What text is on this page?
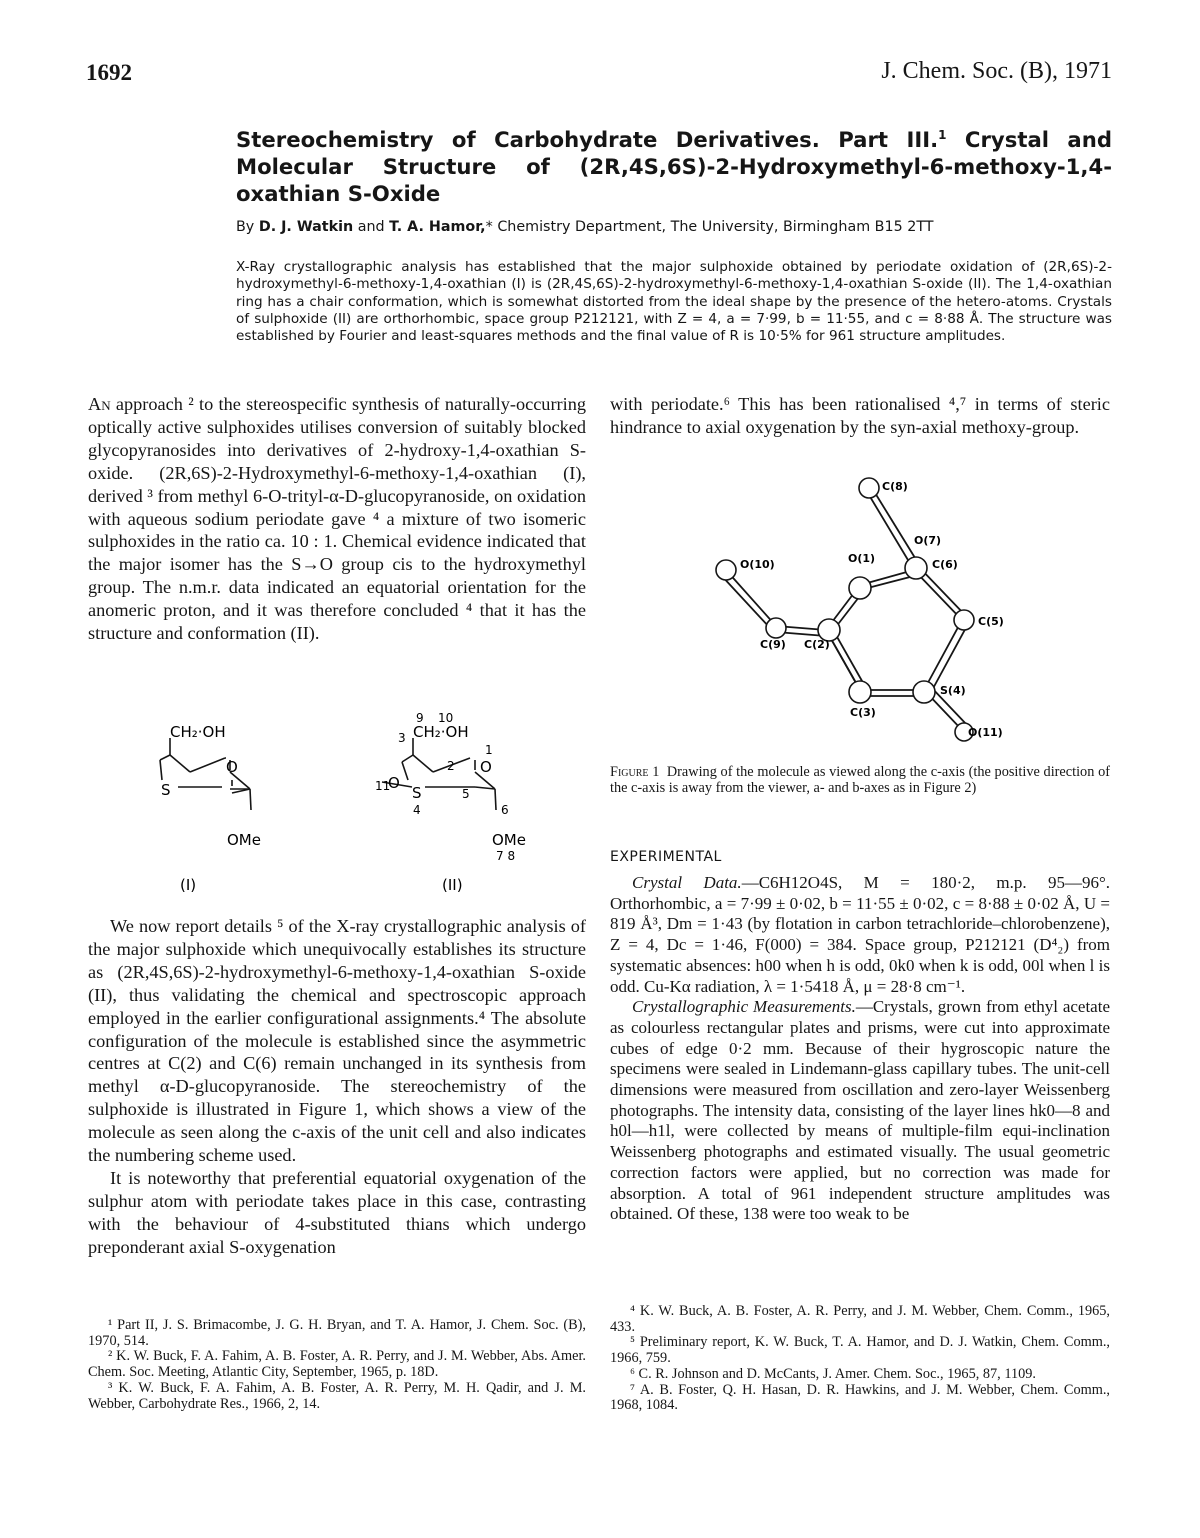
1692	J. Chem. Soc. (B), 1971
Stereochemistry of Carbohydrate Derivatives. Part III.$^1$ Crystal and Molecular Structure of (2R,4S,6S)-2-Hydroxymethyl-6-methoxy-1,4-oxathian S-Oxide
By D. J. Watkin and T. A. Hamor,* Chemistry Department, The University, Birmingham B15 2TT

X-Ray crystallographic analysis has established that the major sulphoxide obtained by periodate oxidation of (2R,6S)-2-hydroxymethyl-6-methoxy-1,4-oxathian (I) is (2R,4S,6S)-2-hydroxymethyl-6-methoxy-1,4-oxathian S-oxide (II). The 1,4-oxathian ring has a chair conformation, which is somewhat distorted from the ideal shape by the presence of the hetero-atoms. Crystals of sulphoxide (II) are orthorhombic, space group P212121, with Z = 4, a = 7·99, b = 11·55, and c = 8·88 Å. The structure was established by Fourier and least-squares methods and the final value of R is 10·5% for 961 structure amplitudes.

An approach ² to the stereospecific synthesis of naturally-occurring optically active sulphoxides utilises conversion of suitably blocked glycopyranosides into derivatives of 2-hydroxy-1,4-oxathian S-oxide. (2R,6S)-2-Hydroxymethyl-6-methoxy-1,4-oxathian (I), derived ³ from methyl 6-O-trityl-α-D-glucopyranoside, on oxidation with aqueous sodium periodate gave ⁴ a mixture of two isomeric sulphoxides in the ratio ca. 10 : 1. Chemical evidence indicated that the major isomer has the S→O group cis to the hydroxymethyl group. The n.m.r. data indicated an equatorial orientation for the anomeric proton, and it was therefore concluded ⁴ that it has the structure and conformation (II).

CH₂·OH
O
S
OMe
(I)
9 10
3 CH₂·OH
1
2 O
11
O
S	5
4	6
OMe
7 8
(II)

We now report details ⁵ of the X-ray crystallographic analysis of the major sulphoxide which unequivocally establishes its structure as (2R,4S,6S)-2-hydroxymethyl-6-methoxy-1,4-oxathian S-oxide (II), thus validating the chemical and spectroscopic approach employed in the earlier configurational assignments.⁴ The absolute configuration of the molecule is established since the asymmetric centres at C(2) and C(6) remain unchanged in its synthesis from methyl α-D-glucopyranoside. The stereochemistry of the sulphoxide is illustrated in Figure 1, which shows a view of the molecule as seen along the c-axis of the unit cell and also indicates the numbering scheme used.

It is noteworthy that preferential equatorial oxygenation of the sulphur atom with periodate takes place in this case, contrasting with the behaviour of 4-substituted thians which undergo preponderant axial S-oxygenation

¹ Part II, J. S. Brimacombe, J. G. H. Bryan, and T. A. Hamor, J. Chem. Soc. (B), 1970, 514.

² K. W. Buck, F. A. Fahim, A. B. Foster, A. R. Perry, and J. M. Webber, Abs. Amer. Chem. Soc. Meeting, Atlantic City, September, 1965, p. 18D.

³ K. W. Buck, F. A. Fahim, A. B. Foster, A. R. Perry, M. H. Qadir, and J. M. Webber, Carbohydrate Res., 1966, 2, 14.

with periodate.⁶ This has been rationalised ⁴,⁷ in terms of steric hindrance to axial oxygenation by the syn-axial methoxy-group.

C(8)
O(7)
O(10)	O(1)	C(6)
C(5)
C(9) C(2)
S(4)
C(3)
O(11)

Figure 1 Drawing of the molecule as viewed along the c-axis (the positive direction of the c-axis is away from the viewer, a- and b-axes as in Figure 2)

EXPERIMENTAL

Crystal Data.—C6H12O4S, M = 180·2, m.p. 95—96°. Orthorhombic, a = 7·99 ± 0·02, b = 11·55 ± 0·02, c = 8·88 ± 0·02 Å, U = 819 Å³, Dm = 1·43 (by flotation in carbon tetrachloride–chlorobenzene), Z = 4, Dc = 1·46, F(000) = 384. Space group, P212121 (D⁴₂) from systematic absences: h00 when h is odd, 0k0 when k is odd, 00l when l is odd. Cu-Kα radiation, λ = 1·5418 Å, μ = 28·8 cm⁻¹.

Crystallographic Measurements.—Crystals, grown from ethyl acetate as colourless rectangular plates and prisms, were cut into approximate cubes of edge 0·2 mm. Because of their hygroscopic nature the specimens were sealed in Lindemann-glass capillary tubes. The unit-cell dimensions were measured from oscillation and zero-layer Weissenberg photographs. The intensity data, consisting of the layer lines hk0—8 and h0l—h1l, were collected by means of multiple-film equi-inclination Weissenberg photographs and estimated visually. The usual geometric correction factors were applied, but no correction was made for absorption. A total of 961 independent structure amplitudes was obtained. Of these, 138 were too weak to be

⁴ K. W. Buck, A. B. Foster, A. R. Perry, and J. M. Webber, Chem. Comm., 1965, 433.

⁵ Preliminary report, K. W. Buck, T. A. Hamor, and D. J. Watkin, Chem. Comm., 1966, 759.

⁶ C. R. Johnson and D. McCants, J. Amer. Chem. Soc., 1965, 87, 1109.

⁷ A. B. Foster, Q. H. Hasan, D. R. Hawkins, and J. M. Webber, Chem. Comm., 1968, 1084.
